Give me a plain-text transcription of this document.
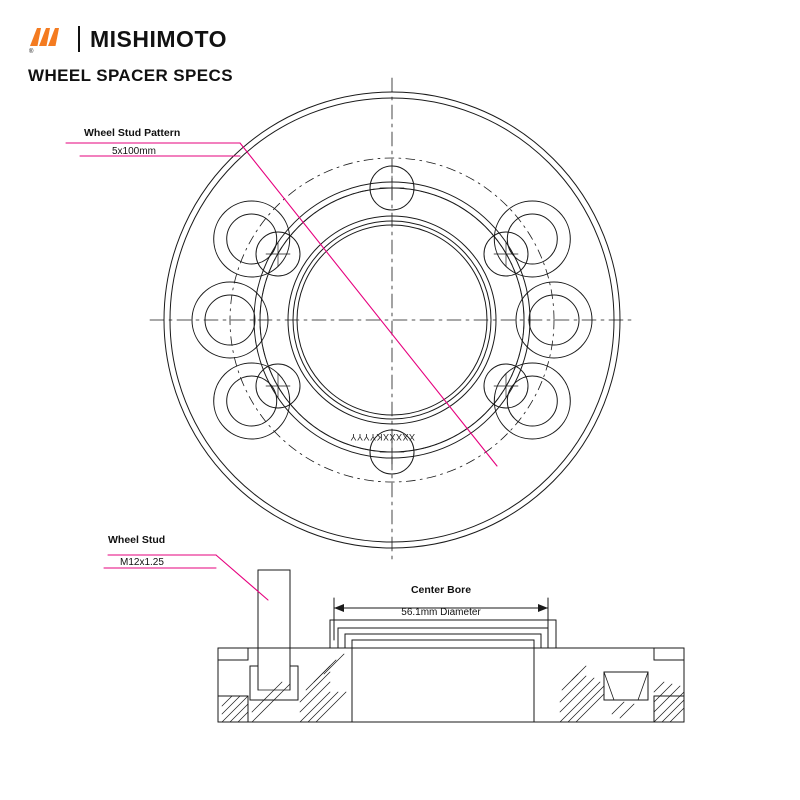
®
MISHIMOTO
WHEEL SPACER SPECS
Wheel Stud Pattern
5x100mm
Wheel Stud
M12x1.25
Center Bore
56.1mm Diameter
XXXXXKYYYY
